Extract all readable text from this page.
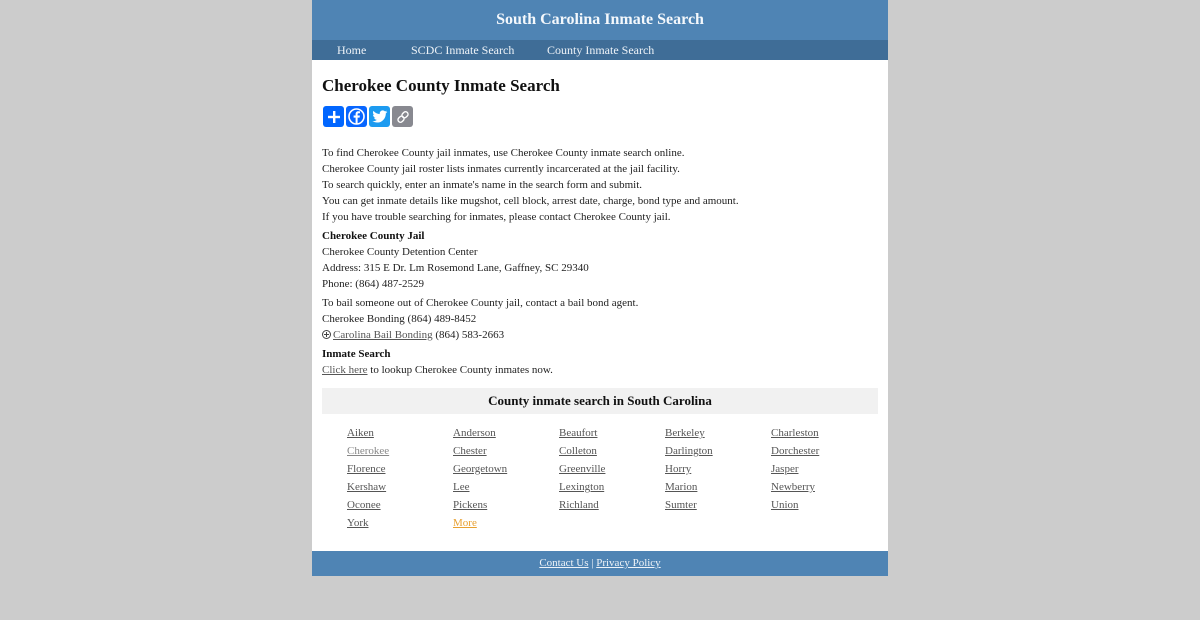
South Carolina Inmate Search
Home	SCDC Inmate Search	County Inmate Search
Cherokee County Inmate Search
To find Cherokee County jail inmates, use Cherokee County inmate search online.
Cherokee County jail roster lists inmates currently incarcerated at the jail facility.
To search quickly, enter an inmate's name in the search form and submit.
You can get inmate details like mugshot, cell block, arrest date, charge, bond type and amount.
If you have trouble searching for inmates, please contact Cherokee County jail.
Cherokee County Jail
Cherokee County Detention Center
Address: 315 E Dr. Lm Rosemond Lane, Gaffney, SC 29340
Phone: (864) 487-2529
To bail someone out of Cherokee County jail, contact a bail bond agent.
Cherokee Bonding (864) 489-8452
Carolina Bail Bonding (864) 583-2663
Inmate Search
Click here to lookup Cherokee County inmates now.
County inmate search in South Carolina
Aiken	Anderson	Beaufort	Berkeley	Charleston
Cherokee	Chester	Colleton	Darlington	Dorchester
Florence	Georgetown	Greenville	Horry	Jasper
Kershaw	Lee	Lexington	Marion	Newberry
Oconee	Pickens	Richland	Sumter	Union
York	More
Contact Us | Privacy Policy
